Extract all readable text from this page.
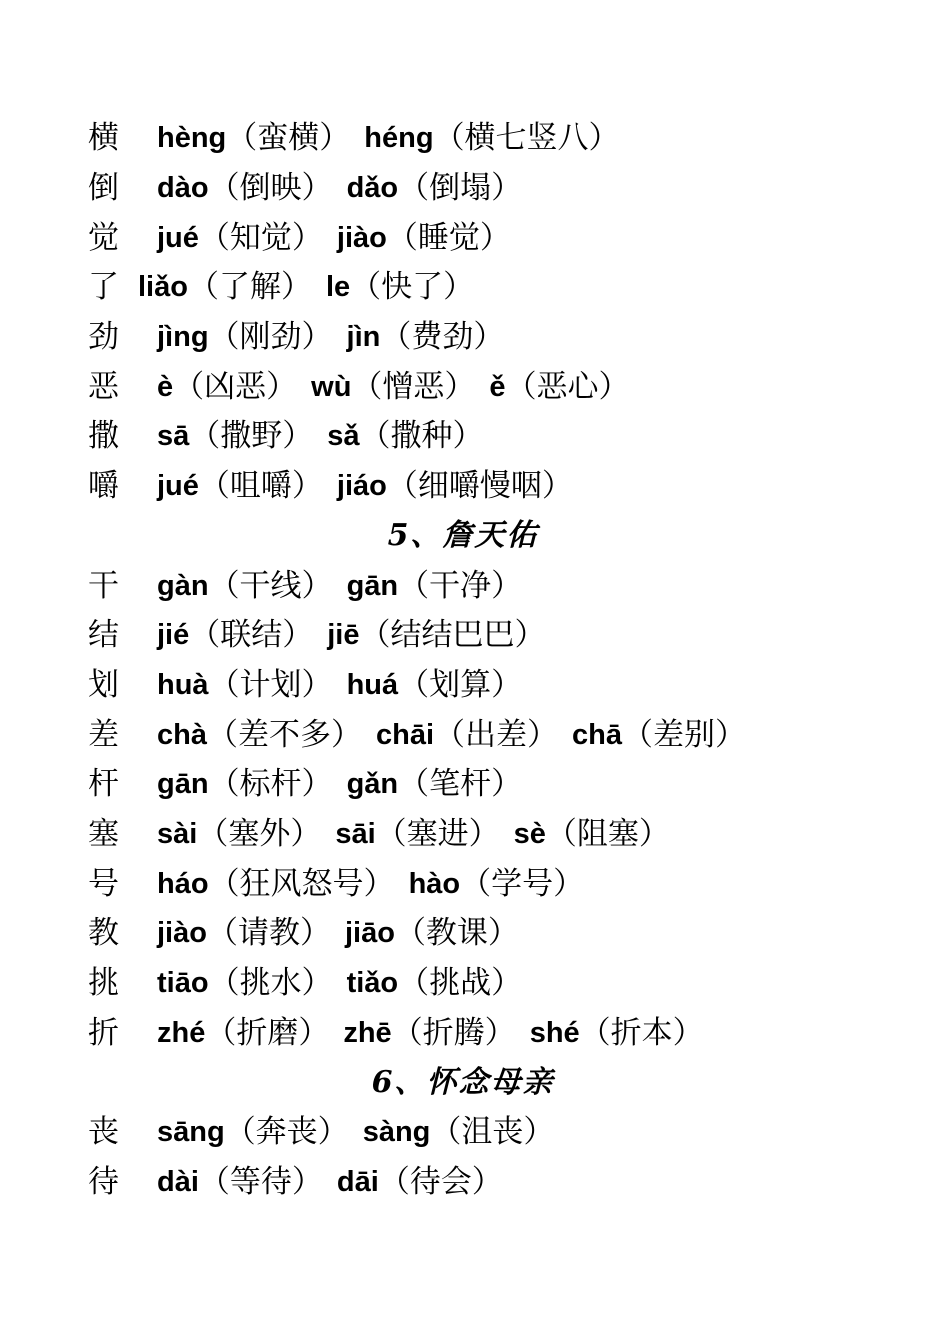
横	hèng （蛮横） héng （横七竖八）
倒	dào （倒映） dǎo （倒塌）
觉	jué （知觉） jiào （睡觉）
了 liǎo （了解） le （快了）
劲	jìng （刚劲） jìn （费劲）
恶	è （凶恶） wù （憎恶） ě （恶心）
撒	sā （撒野） sǎ （撒种）
嚼	jué （咀嚼） jiáo （细嚼慢咽）
5、詹天佑
干	gàn （干线） gān （干净）
结	jié （联结） jiē （结结巴巴）
划	huà （计划） huá （划算）
差	chà （差不多） chāi （出差） chā （差别）
杆	gān （标杆） gǎn （笔杆）
塞	sài （塞外） sāi （塞进） sè （阻塞）
号	háo （狂风怒号） hào （学号）
教	jiào （请教） jiāo （教课）
挑	tiāo （挑水） tiǎo （挑战）
折	zhé （折磨） zhē （折腾） shé （折本）
6、怀念母亲
丧	sāng （奔丧） sàng （沮丧）
待	dài （等待） dāi （待会）
